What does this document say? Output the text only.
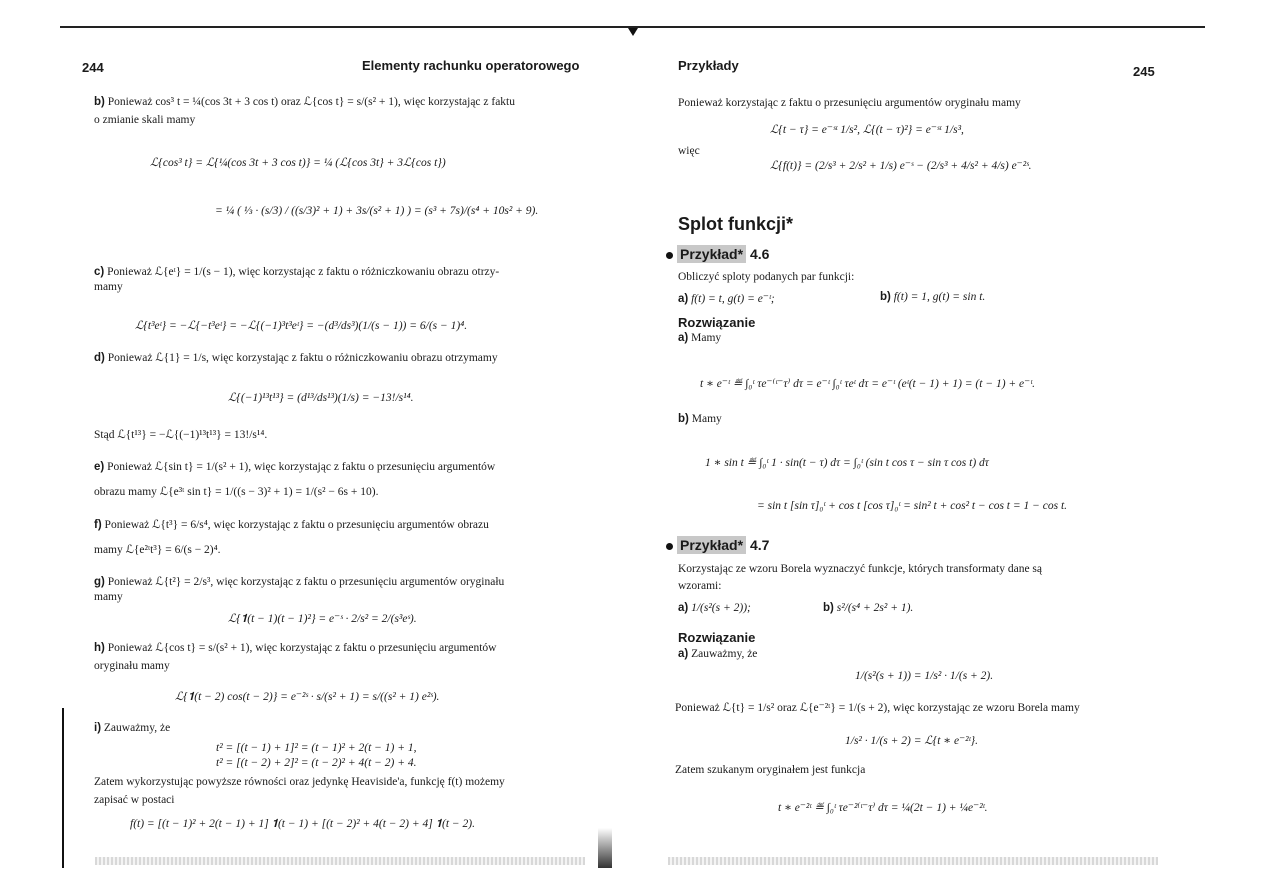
244	Elementy rachunku operatorowego
b) Ponieważ cos³ t = ¼(cos 3t + 3 cos t) oraz ℒ{cos t} = s/(s² + 1), więc korzystając z faktu
o zmianie skali mamy
ℒ{cos³ t} = ℒ{¼(cos 3t + 3 cos t)} = ¼ (ℒ{cos 3t} + 3ℒ{cos t})
= ¼ ( ⅓ · (s/3) / ((s/3)² + 1) + 3s/(s² + 1) ) = (s³ + 7s)/(s⁴ + 10s² + 9).
c) Ponieważ ℒ{eᵗ} = 1/(s − 1), więc korzystając z faktu o różniczkowaniu obrazu otrzy-
mamy
ℒ{t³eᵗ} = −ℒ{−t³eᵗ} = −ℒ{(−1)³t³eᵗ} = −(d³/ds³)(1/(s − 1)) = 6/(s − 1)⁴.
d) Ponieważ ℒ{1} = 1/s, więc korzystając z faktu o różniczkowaniu obrazu otrzymamy
ℒ{(−1)¹³t¹³} = (d¹³/ds¹³)(1/s) = −13!/s¹⁴.
Stąd ℒ{t¹³} = −ℒ{(−1)¹³t¹³} = 13!/s¹⁴.
e) Ponieważ ℒ{sin t} = 1/(s² + 1), więc korzystając z faktu o przesunięciu argumentów
obrazu mamy ℒ{e³ᵗ sin t} = 1/((s − 3)² + 1) = 1/(s² − 6s + 10).
f) Ponieważ ℒ{t³} = 6/s⁴, więc korzystając z faktu o przesunięciu argumentów obrazu
mamy ℒ{e²ᵗt³} = 6/(s − 2)⁴.
g) Ponieważ ℒ{t²} = 2/s³, więc korzystając z faktu o przesunięciu argumentów oryginału
mamy
ℒ{𝟏(t − 1)(t − 1)²} = e⁻ˢ · 2/s² = 2/(s³eˢ).
h) Ponieważ ℒ{cos t} = s/(s² + 1), więc korzystając z faktu o przesunięciu argumentów
oryginału mamy
ℒ{𝟏(t − 2) cos(t − 2)} = e⁻²ˢ · s/(s² + 1) = s/((s² + 1) e²ˢ).
i) Zauważmy, że
t² = [(t − 1) + 1]² = (t − 1)² + 2(t − 1) + 1,
t² = [(t − 2) + 2]² = (t − 2)² + 4(t − 2) + 4.
Zatem wykorzystując powyższe równości oraz jedynkę Heaviside'a, funkcję f(t) możemy
zapisać w postaci
f(t) = [(t − 1)² + 2(t − 1) + 1] 𝟏(t − 1) + [(t − 2)² + 4(t − 2) + 4] 𝟏(t − 2).
Przykłady	245
Ponieważ korzystając z faktu o przesunięciu argumentów oryginału mamy
ℒ{t − τ} = e⁻ˢᵗ 1/s², ℒ{(t − τ)²} = e⁻ˢᵗ 1/s³,
więc
ℒ{f(t)} = (2/s³ + 2/s² + 1/s) e⁻ˢ − (2/s³ + 4/s² + 4/s) e⁻²ˢ.
Splot funkcji*
Przykład* 4.6
Obliczyć sploty podanych par funkcji:
a) f(t) = t, g(t) = e⁻ᵗ;	b) f(t) = 1, g(t) = sin t.
Rozwiązanie
a) Mamy
t ∗ e⁻ᵗ ≝ ∫₀ᵗ τe⁻⁽ᵗ⁻τ⁾ dτ = e⁻ᵗ ∫₀ᵗ τeᵗ dτ = e⁻ᵗ (eᵗ(t − 1) + 1) = (t − 1) + e⁻ᵗ.
b) Mamy
1 ∗ sin t ≝ ∫₀ᵗ 1 · sin(t − τ) dτ = ∫₀ᵗ (sin t cos τ − sin τ cos t) dτ
= sin t [sin τ]₀ᵗ + cos t [cos τ]₀ᵗ = sin² t + cos² t − cos t = 1 − cos t.
Przykład* 4.7
Korzystając ze wzoru Borela wyznaczyć funkcje, których transformaty dane są
wzorami:
a) 1/(s²(s + 2));	b) s²/(s⁴ + 2s² + 1).
Rozwiązanie
a) Zauważmy, że
1/(s²(s + 1)) = 1/s² · 1/(s + 2).
Ponieważ ℒ{t} = 1/s² oraz ℒ{e⁻²ᵗ} = 1/(s + 2), więc korzystając ze wzoru Borela mamy
1/s² · 1/(s + 2) = ℒ{t ∗ e⁻²ᵗ}.
Zatem szukanym oryginałem jest funkcja
t ∗ e⁻²ᵗ ≝ ∫₀ᵗ τe⁻²⁽ᵗ⁻τ⁾ dτ = ¼(2t − 1) + ¼e⁻²ᵗ.
